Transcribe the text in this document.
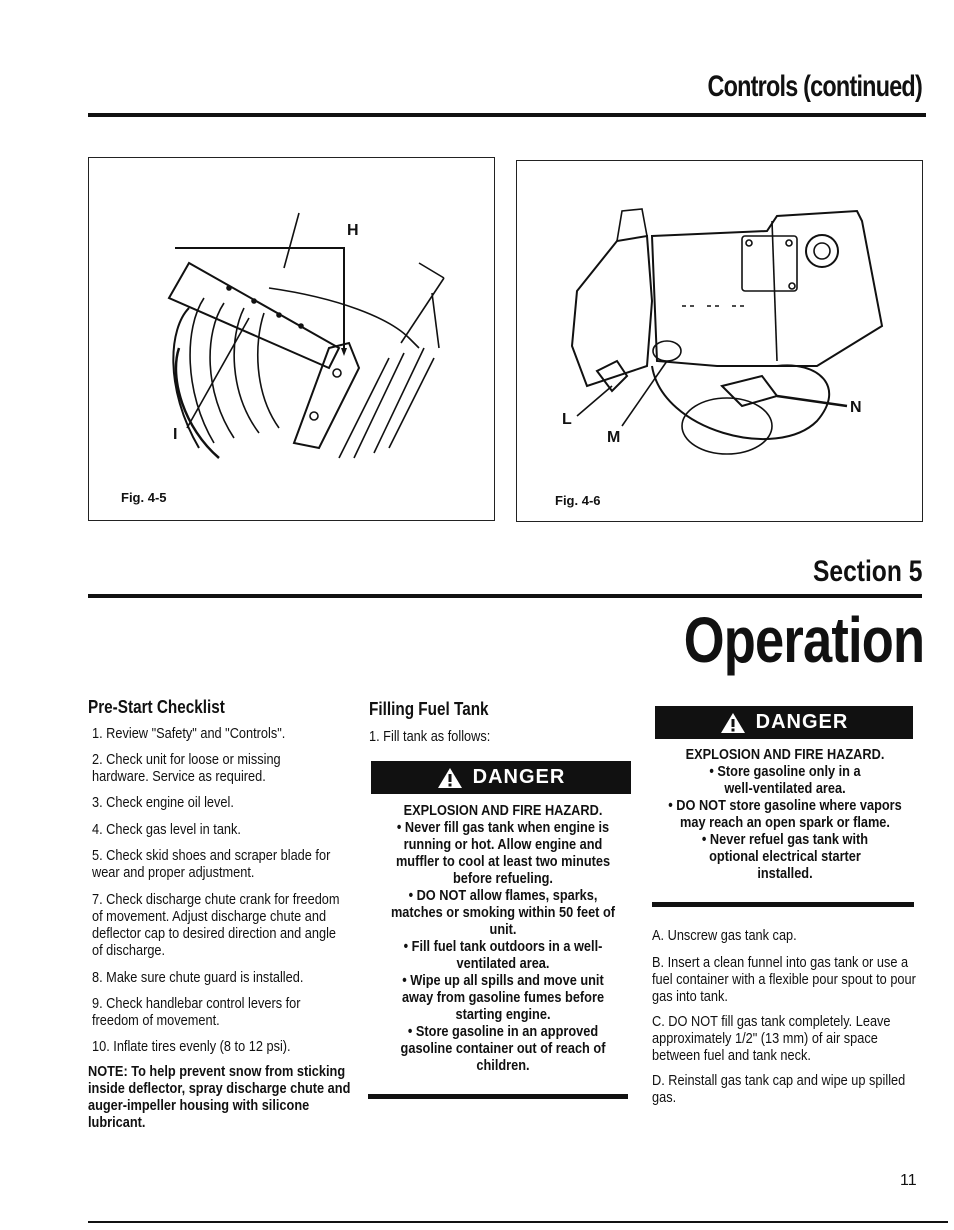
Controls (continued)
H
I
Fig. 4-5
L
M
N
Fig. 4-6
Section 5
Operation
Pre-Start Checklist
1. Review "Safety" and "Controls".
2. Check unit for loose or missing hardware. Service as required.
3. Check engine oil level.
4. Check gas level in tank.
5. Check skid shoes and scraper blade for wear and proper adjustment.
7. Check discharge chute crank for freedom of movement. Adjust discharge chute and deflector cap to desired direction and angle of discharge.
8. Make sure chute guard is installed.
9. Check handlebar control levers for freedom of movement.
10. Inflate tires evenly (8 to 12 psi).
NOTE: To help prevent snow from sticking inside deflector, spray discharge chute and auger-impeller housing with silicone lubricant.
Filling Fuel Tank
1. Fill tank as follows:
DANGER
EXPLOSION AND FIRE HAZARD.
• Never fill gas tank when engine is running or hot. Allow engine and muffler to cool at least two minutes before refueling.
• DO NOT allow flames, sparks, matches or smoking within 50 feet of unit.
• Fill fuel tank outdoors in a well-ventilated area.
• Wipe up all spills and move unit away from gasoline fumes before starting engine.
• Store gasoline in an approved gasoline container out of reach of children.
DANGER
EXPLOSION AND FIRE HAZARD.
• Store gasoline only in a well-ventilated area.
• DO NOT store gasoline where vapors may reach an open spark or flame.
• Never refuel gas tank with optional electrical starter installed.
A. Unscrew gas tank cap.
B. Insert a clean funnel into gas tank or use a fuel container with a flexible pour spout to pour gas into tank.
C. DO NOT fill gas tank completely. Leave approximately 1/2" (13 mm) of air space between fuel and tank neck.
D. Reinstall gas tank cap and wipe up spilled gas.
11
